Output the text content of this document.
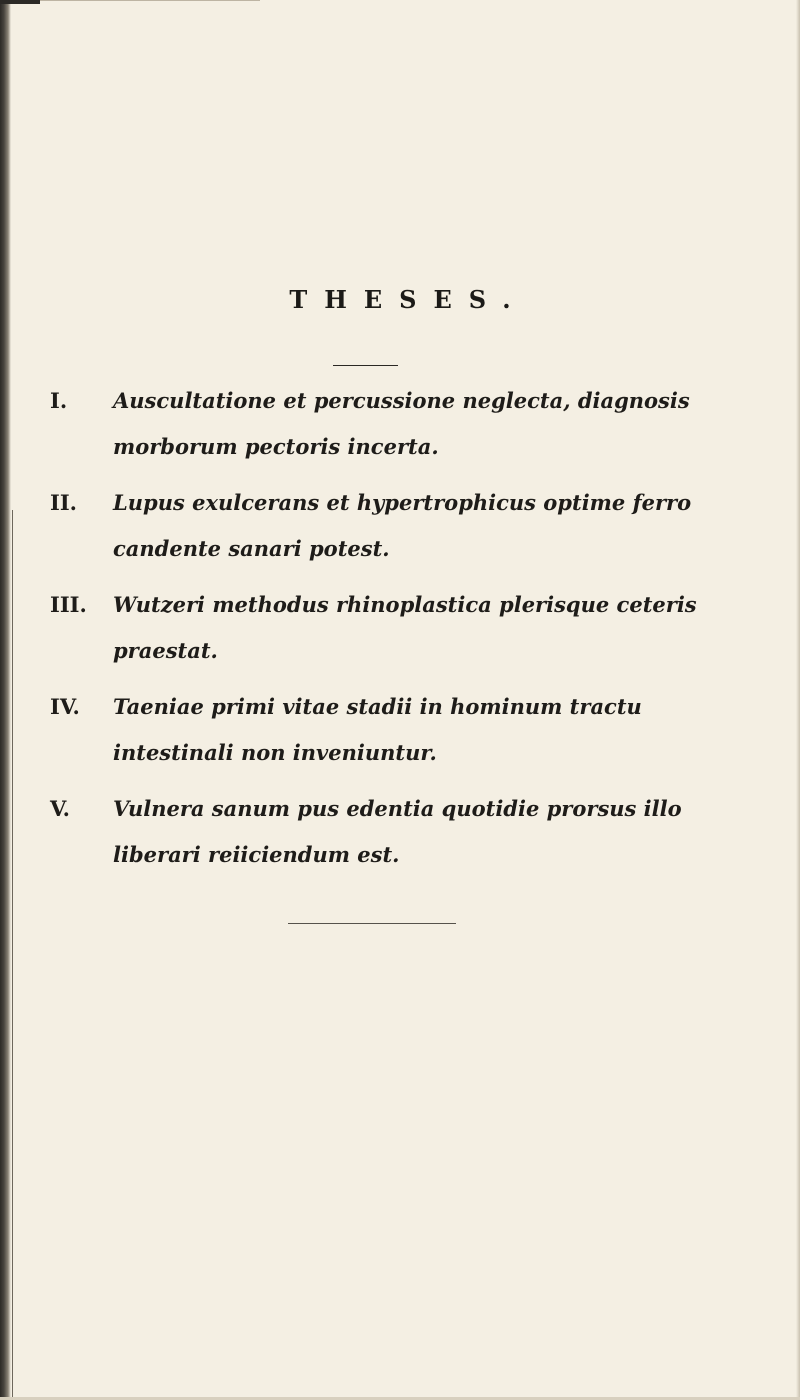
THESES.
I.	Auscultatione et percussione neglecta, diagnosis morborum pectoris incerta.
II.	Lupus exulcerans et hypertrophicus optime ferro candente sanari potest.
III. Wutzeri methodus rhinoplastica plerisque ceteris praestat.
IV.	Taeniae primi vitae stadii in hominum tractu intestinali non inveniuntur.
V.	Vulnera sanum pus edentia quotidie prorsus illo liberari reiiciendum est.
